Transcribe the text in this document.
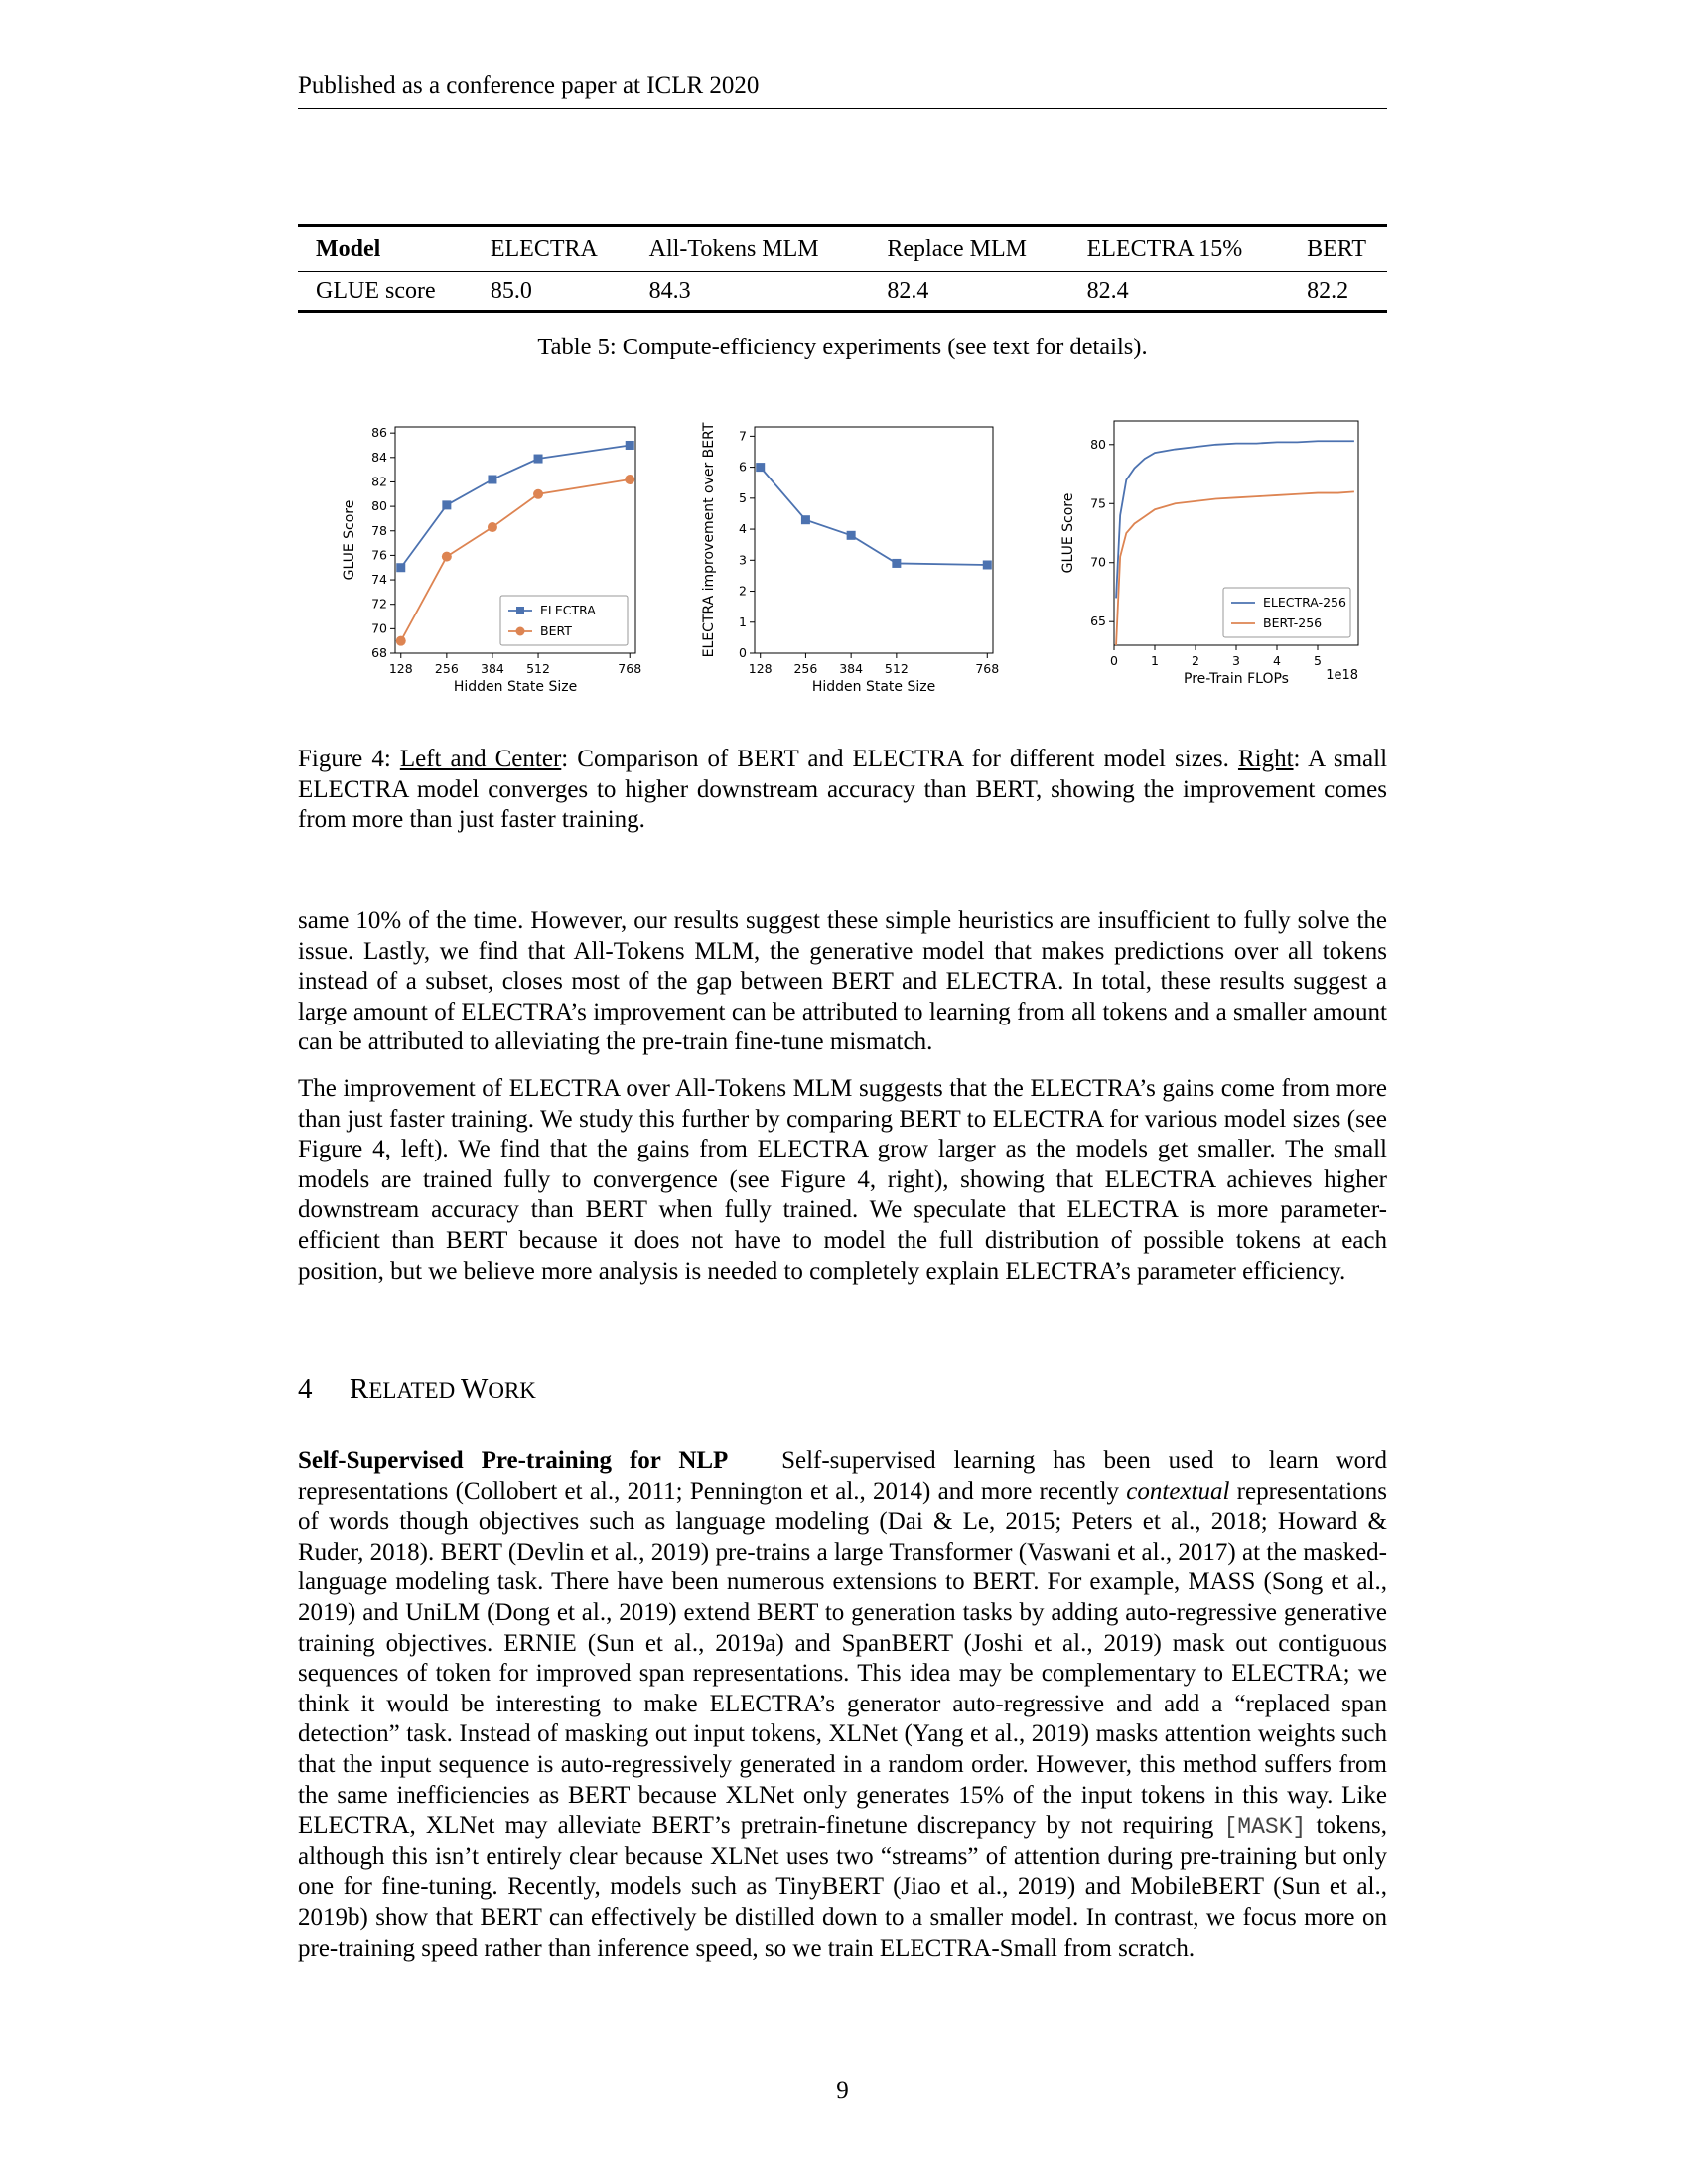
Published as a conference paper at ICLR 2020
Model	ELECTRA	All-Tokens MLM	Replace MLM	ELECTRA 15%	BERT
GLUE score	85.0	84.3	82.4	82.4	82.2
Table 5: Compute-efficiency experiments (see text for details).
68
70
72
74
76
78
80
82
84
86
128 256 384 512	768
Hidden State Size
GLUE Score
ELECTRA
BERT
0
1
2
3
4
5
6
7
128 256 384 512	768
Hidden State Size
ELECTRA improvement over BERT	65
70
75
80
0	1	2	3	4	5
Pre-Train FLOPs
GLUE Score
1e18
ELECTRA-256
BERT-256
Figure 4: Left and Center: Comparison of BERT and ELECTRA for different model sizes. Right: A small ELECTRA model converges to higher downstream accuracy than BERT, showing the improvement comes from more than just faster training.

same 10% of the time. However, our results suggest these simple heuristics are insufficient to fully solve the issue. Lastly, we find that All-Tokens MLM, the generative model that makes predictions over all tokens instead of a subset, closes most of the gap between BERT and ELECTRA. In total, these results suggest a large amount of ELECTRA’s improvement can be attributed to learning from all tokens and a smaller amount can be attributed to alleviating the pre-train fine-tune mismatch.

The improvement of ELECTRA over All-Tokens MLM suggests that the ELECTRA’s gains come from more than just faster training. We study this further by comparing BERT to ELECTRA for various model sizes (see Figure 4, left). We find that the gains from ELECTRA grow larger as the models get smaller. The small models are trained fully to convergence (see Figure 4, right), showing that ELECTRA achieves higher downstream accuracy than BERT when fully trained. We speculate that ELECTRA is more parameter-efficient than BERT because it does not have to model the full distribution of possible tokens at each position, but we believe more analysis is needed to completely explain ELECTRA’s parameter efficiency.

4 RELATED WORK

Self-Supervised Pre-training for NLP Self-supervised learning has been used to learn word representations (Collobert et al., 2011; Pennington et al., 2014) and more recently contextual representations of words though objectives such as language modeling (Dai & Le, 2015; Peters et al., 2018; Howard & Ruder, 2018). BERT (Devlin et al., 2019) pre-trains a large Transformer (Vaswani et al., 2017) at the masked-language modeling task. There have been numerous extensions to BERT. For example, MASS (Song et al., 2019) and UniLM (Dong et al., 2019) extend BERT to generation tasks by adding auto-regressive generative training objectives. ERNIE (Sun et al., 2019a) and SpanBERT (Joshi et al., 2019) mask out contiguous sequences of token for improved span representations. This idea may be complementary to ELECTRA; we think it would be interesting to make ELECTRA’s generator auto-regressive and add a “replaced span detection” task. Instead of masking out input tokens, XLNet (Yang et al., 2019) masks attention weights such that the input sequence is auto-regressively generated in a random order. However, this method suffers from the same inefficiencies as BERT because XLNet only generates 15% of the input tokens in this way. Like ELECTRA, XLNet may alleviate BERT’s pretrain-finetune discrepancy by not requiring [MASK] tokens, although this isn’t entirely clear because XLNet uses two “streams” of attention during pre-training but only one for fine-tuning. Recently, models such as TinyBERT (Jiao et al., 2019) and MobileBERT (Sun et al., 2019b) show that BERT can effectively be distilled down to a smaller model. In contrast, we focus more on pre-training speed rather than inference speed, so we train ELECTRA-Small from scratch.

9
